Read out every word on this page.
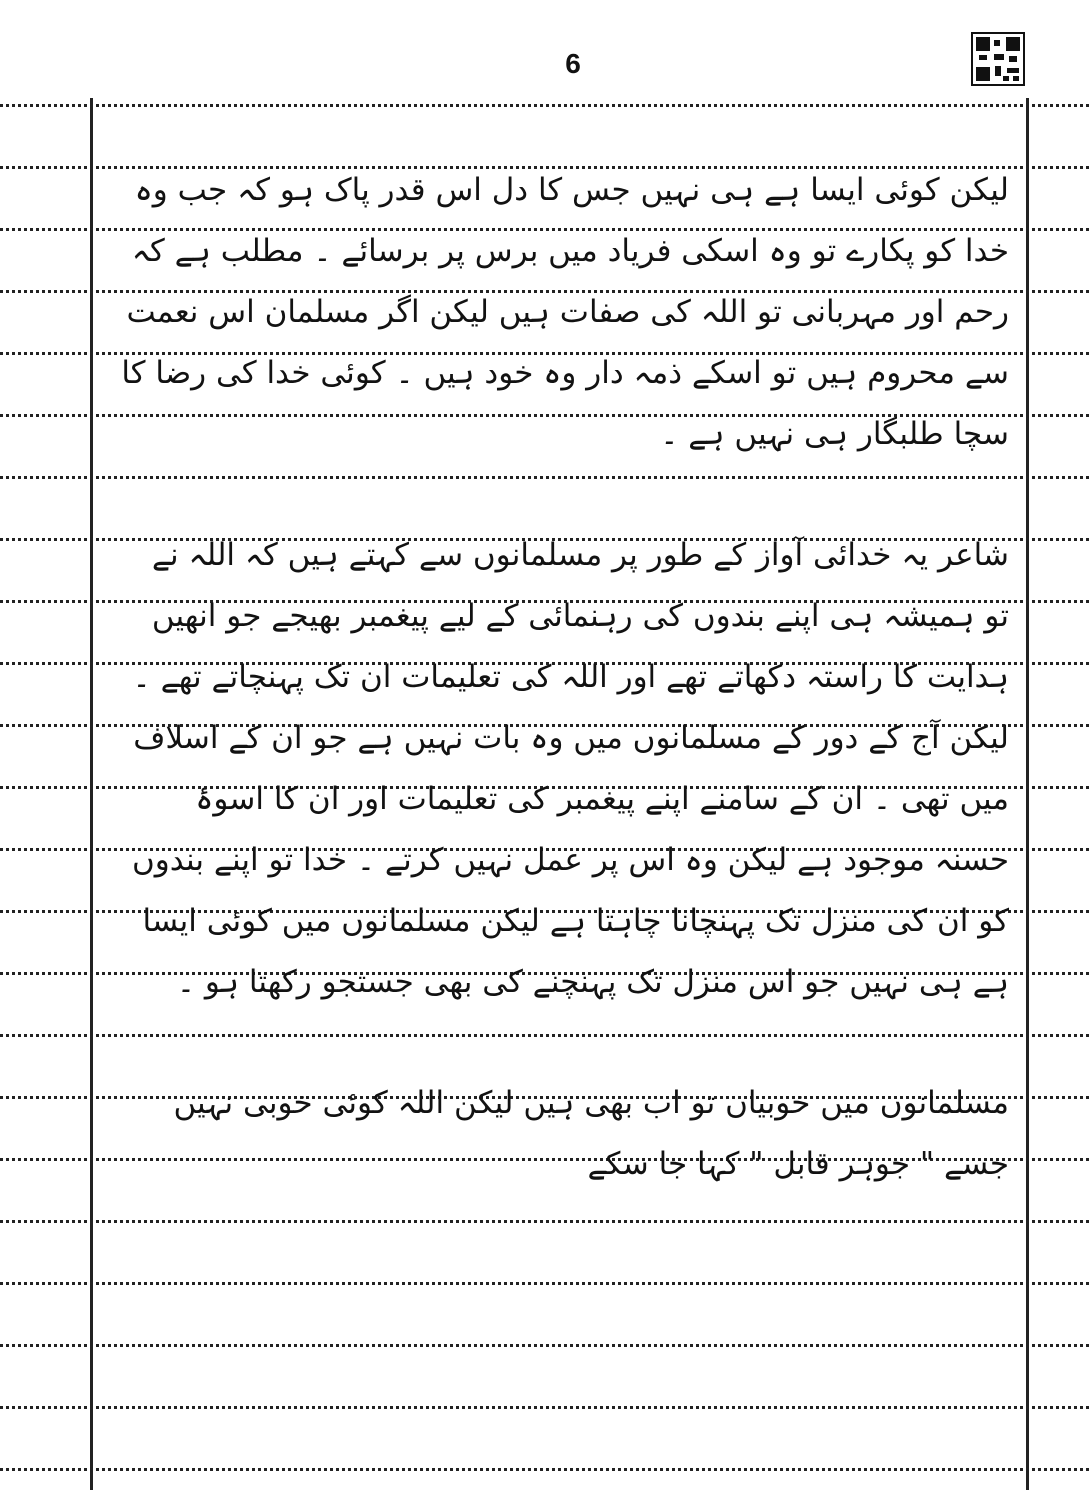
6

لیکن کوئی ایسا ہے ہی نہیں جس کا دل اس قدر پاک ہو کہ جب وہ خدا کو پکارے تو وہ اسکی فریاد میں برس پر برسائے ۔ مطلب ہے کہ رحم اور مہربانی تو اللہ کی صفات ہیں لیکن اگر مسلمان اس نعمت سے محروم ہیں تو اسکے ذمہ دار وہ خود ہیں ۔ کوئی خدا کی رضا کا سچا طلبگار ہی نہیں ہے ۔

شاعر یہ خدائی آواز کے طور پر مسلمانوں سے کہتے ہیں کہ اللہ نے تو ہمیشہ ہی اپنے بندوں کی رہنمائی کے لیے پیغمبر بھیجے جو انھیں ہدایت کا راستہ دکھاتے تھے اور اللہ کی تعلیمات ان تک پہنچاتے تھے ۔ لیکن آج کے دور کے مسلمانوں میں وہ بات نہیں ہے جو ان کے اسلاف میں تھی ۔ ان کے سامنے اپنے پیغمبر کی تعلیمات اور ان کا اسوۂ حسنہ موجود ہے لیکن وہ اس پر عمل نہیں کرتے ۔ خدا تو اپنے بندوں کو ان کی منزل تک پہنچانا چاہتا ہے لیکن مسلمانوں میں کوئی ایسا ہے ہی نہیں جو اس منزل تک پہنچنے کی بھی جستجو رکھتا ہو ۔

مسلمانوں میں خوبیاں تو اب بھی ہیں لیکن اللہ کوئی خوبی نہیں جسے " جوہر قابل " کہا جا سکے
